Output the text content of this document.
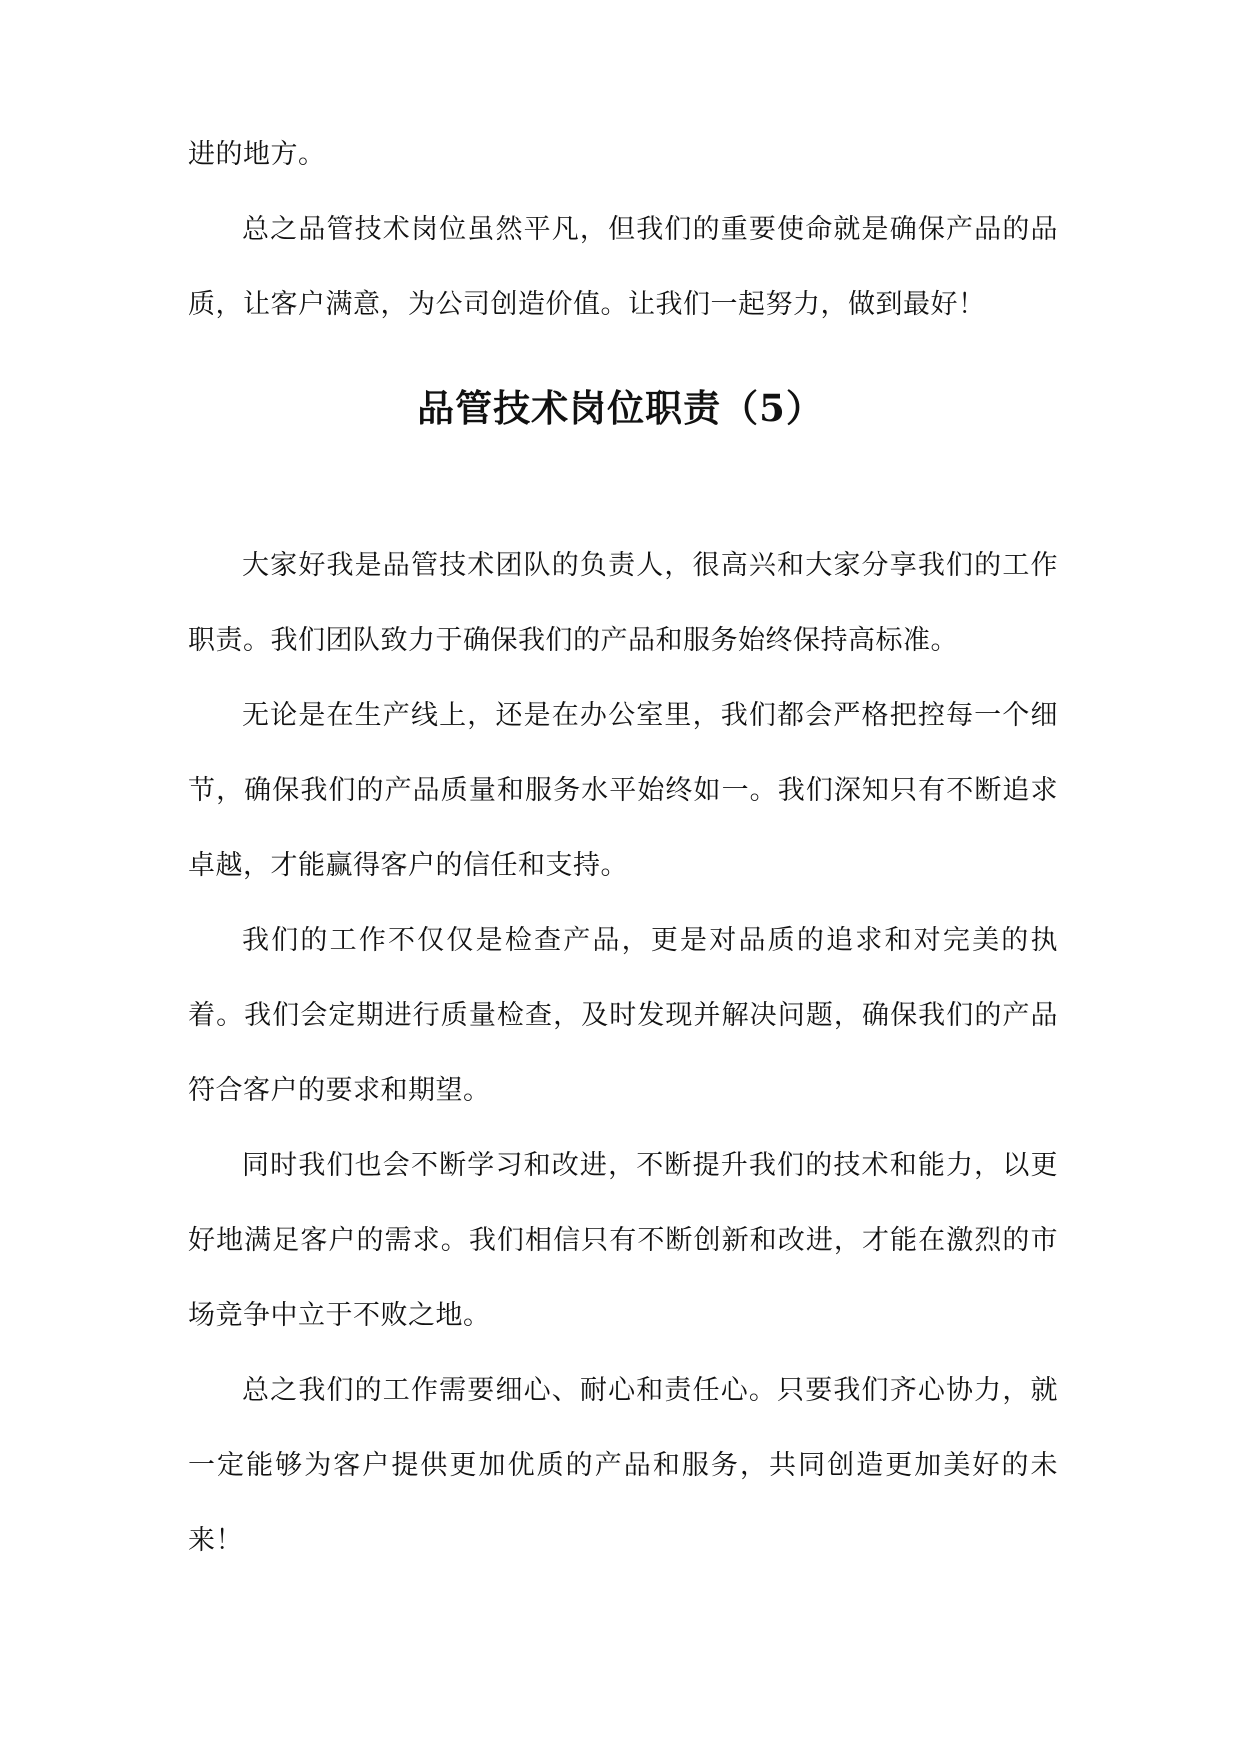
进的地方。

总之品管技术岗位虽然平凡，但我们的重要使命就是确保产品的品质，让客户满意，为公司创造价值。让我们一起努力，做到最好！

品管技术岗位职责（5）

大家好我是品管技术团队的负责人，很高兴和大家分享我们的工作职责。我们团队致力于确保我们的产品和服务始终保持高标准。

无论是在生产线上，还是在办公室里，我们都会严格把控每一个细节，确保我们的产品质量和服务水平始终如一。我们深知只有不断追求卓越，才能赢得客户的信任和支持。

我们的工作不仅仅是检查产品，更是对品质的追求和对完美的执着。我们会定期进行质量检查，及时发现并解决问题，确保我们的产品符合客户的要求和期望。

同时我们也会不断学习和改进，不断提升我们的技术和能力，以更好地满足客户的需求。我们相信只有不断创新和改进，才能在激烈的市场竞争中立于不败之地。

总之我们的工作需要细心、耐心和责任心。只要我们齐心协力，就一定能够为客户提供更加优质的产品和服务，共同创造更加美好的未来！
